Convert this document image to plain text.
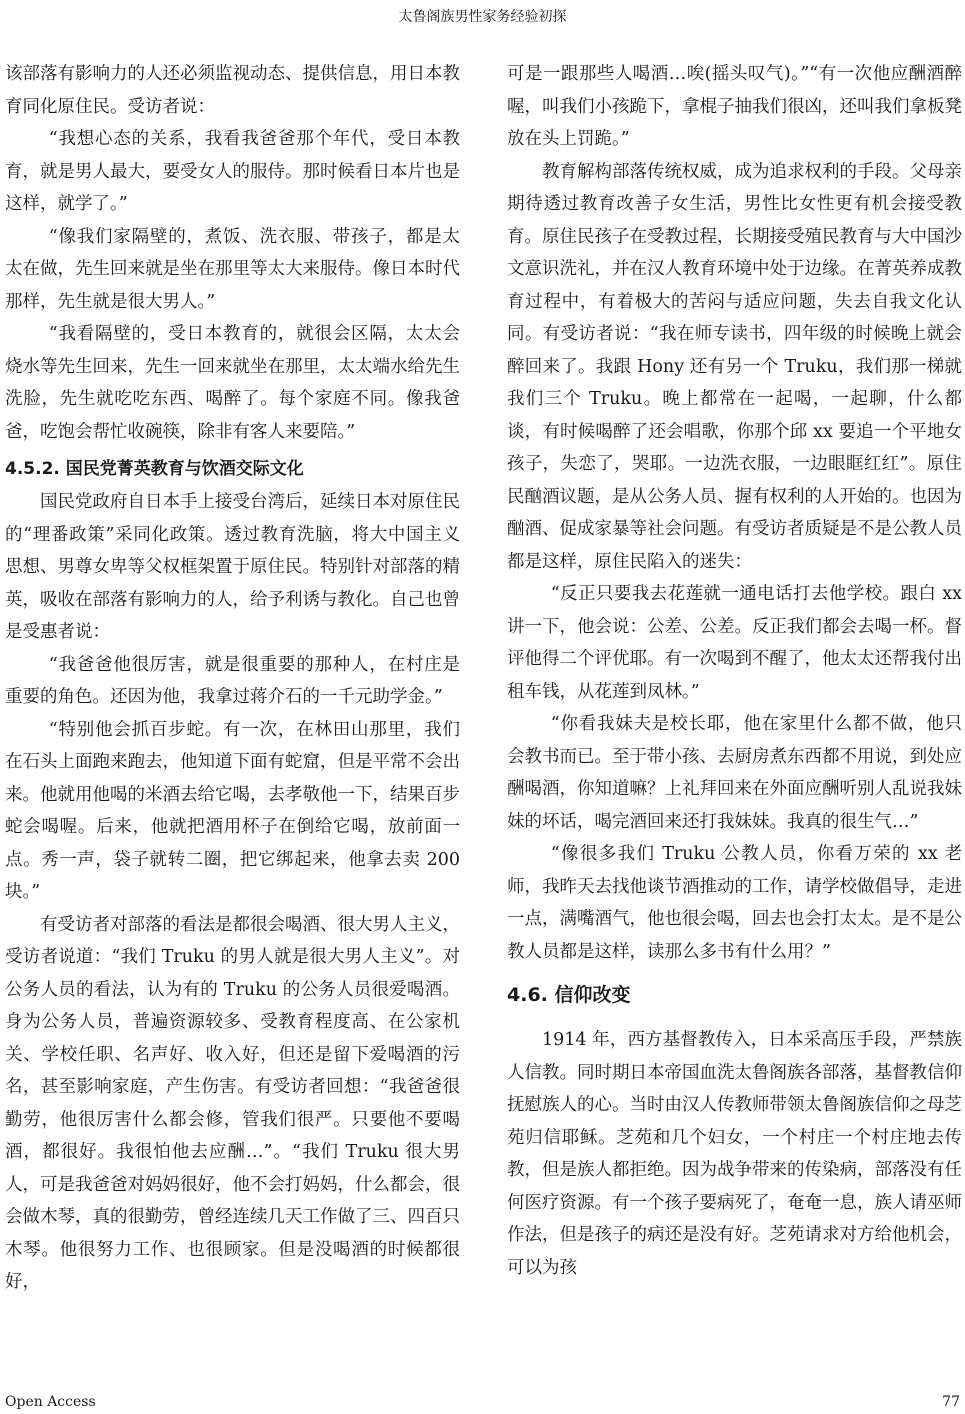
太鲁阁族男性家务经验初探

该部落有影响力的人还必须监视动态、提供信息，用日本教育同化原住民。受访者说：

“我想心态的关系，我看我爸爸那个年代，受日本教育，就是男人最大，要受女人的服侍。那时候看日本片也是这样，就学了。”

“像我们家隔壁的，煮饭、洗衣服、带孩子，都是太太在做，先生回来就是坐在那里等太大来服侍。像日本时代那样，先生就是很大男人。”

“我看隔壁的，受日本教育的，就很会区隔，太太会烧水等先生回来，先生一回来就坐在那里，太太端水给先生洗脸，先生就吃吃东西、喝醉了。每个家庭不同。像我爸爸，吃饱会帮忙收碗筷，除非有客人来要陪。”

4.5.2. 国民党菁英教育与饮酒交际文化

国民党政府自日本手上接受台湾后，延续日本对原住民的“理番政策”采同化政策。透过教育洗脑，将大中国主义思想、男尊女卑等父权框架置于原住民。特别针对部落的精英，吸收在部落有影响力的人，给予利诱与教化。自己也曾是受惠者说：

“我爸爸他很厉害，就是很重要的那种人，在村庄是重要的角色。还因为他，我拿过蒋介石的一千元助学金。”

“特别他会抓百步蛇。有一次，在林田山那里，我们在石头上面跑来跑去，他知道下面有蛇窟，但是平常不会出来。他就用他喝的米酒去给它喝，去孝敬他一下，结果百步蛇会喝喔。后来，他就把酒用杯子在倒给它喝，放前面一点。秀一声，袋子就转二圈，把它绑起来，他拿去卖 200 块。”

有受访者对部落的看法是都很会喝酒、很大男人主义，受访者说道：“我们 Truku 的男人就是很大男人主义”。对公务人员的看法，认为有的 Truku 的公务人员很爱喝酒。身为公务人员，普遍资源较多、受教育程度高、在公家机关、学校任职、名声好、收入好，但还是留下爱喝酒的污名，甚至影响家庭，产生伤害。有受访者回想：“我爸爸很勤劳，他很厉害什么都会修，管我们很严。只要他不要喝酒，都很好。我很怕他去应酬…”。“我们 Truku 很大男人，可是我爸爸对妈妈很好，他不会打妈妈，什么都会，很会做木琴，真的很勤劳，曾经连续几天工作做了三、四百只木琴。他很努力工作、也很顾家。但是没喝酒的时候都很好，

可是一跟那些人喝酒…唉(摇头叹气)。”“有一次他应酬酒醉喔，叫我们小孩跪下，拿棍子抽我们很凶，还叫我们拿板凳放在头上罚跪。”

教育解构部落传统权威，成为追求权利的手段。父母亲期待透过教育改善子女生活，男性比女性更有机会接受教育。原住民孩子在受教过程，长期接受殖民教育与大中国沙文意识洗礼，并在汉人教育环境中处于边缘。在菁英养成教育过程中，有着极大的苦闷与适应问题，失去自我文化认同。有受访者说：“我在师专读书，四年级的时候晚上就会醉回来了。我跟 Hony 还有另一个 Truku，我们那一梯就我们三个 Truku。晚上都常在一起喝，一起聊，什么都谈，有时候喝醉了还会唱歌，你那个邱 xx 要追一个平地女孩子，失恋了，哭耶。一边洗衣服，一边眼眶红红”。原住民酗酒议题，是从公务人员、握有权利的人开始的。也因为酗酒、促成家暴等社会问题。有受访者质疑是不是公教人员都是这样，原住民陷入的迷失：

“反正只要我去花莲就一通电话打去他学校。跟白 xx 讲一下，他会说：公差、公差。反正我们都会去喝一杯。督评他得二个评优耶。有一次喝到不醒了，他太太还帮我付出租车钱，从花莲到凤林。”

“你看我妹夫是校长耶，他在家里什么都不做，他只会教书而已。至于带小孩、去厨房煮东西都不用说，到处应酬喝酒，你知道嘛？上礼拜回来在外面应酬听别人乱说我妹妹的坏话，喝完酒回来还打我妹妹。我真的很生气…”

“像很多我们 Truku 公教人员，你看万荣的 xx 老师，我昨天去找他谈节酒推动的工作，请学校做倡导，走进一点，满嘴酒气，他也很会喝，回去也会打太太。是不是公教人员都是这样，读那么多书有什么用？”

4.6. 信仰改变

1914 年，西方基督教传入，日本采高压手段，严禁族人信教。同时期日本帝国血洗太鲁阁族各部落，基督教信仰抚慰族人的心。当时由汉人传教师带领太鲁阁族信仰之母芝苑归信耶稣。芝苑和几个妇女，一个村庄一个村庄地去传教，但是族人都拒绝。因为战争带来的传染病，部落没有任何医疗资源。有一个孩子要病死了，奄奄一息，族人请巫师作法，但是孩子的病还是没有好。芝苑请求对方给他机会，可以为孩

Open Access	77
